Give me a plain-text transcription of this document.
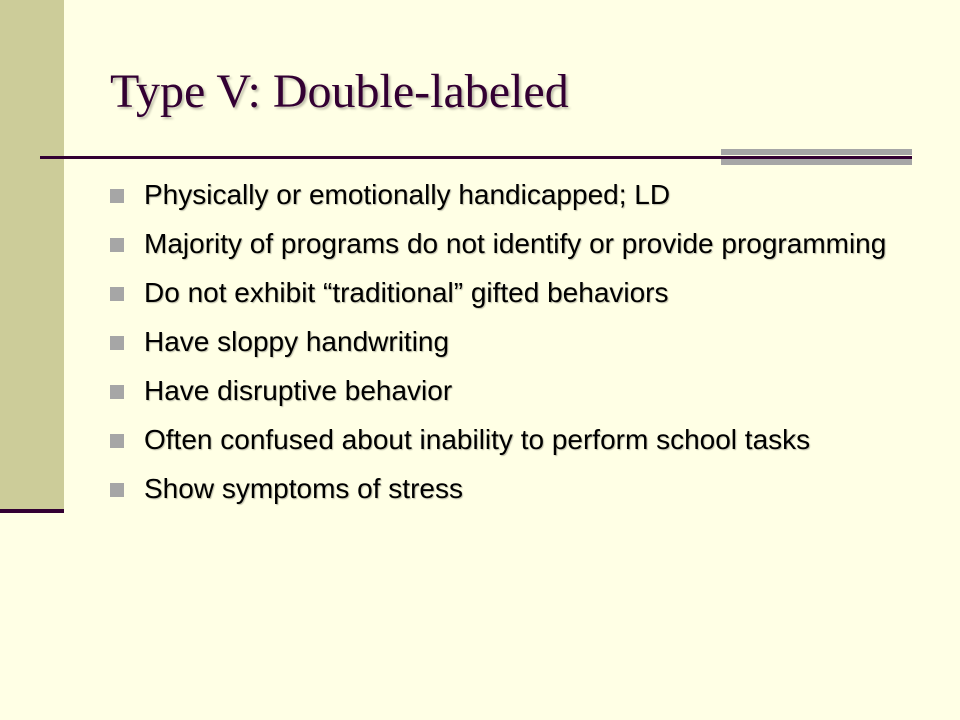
Type V: Double-labeled
Physically or emotionally handicapped; LD
Majority of programs do not identify or provide programming
Do not exhibit “traditional” gifted behaviors
Have sloppy handwriting
Have disruptive behavior
Often confused about inability to perform school tasks
Show symptoms of stress
